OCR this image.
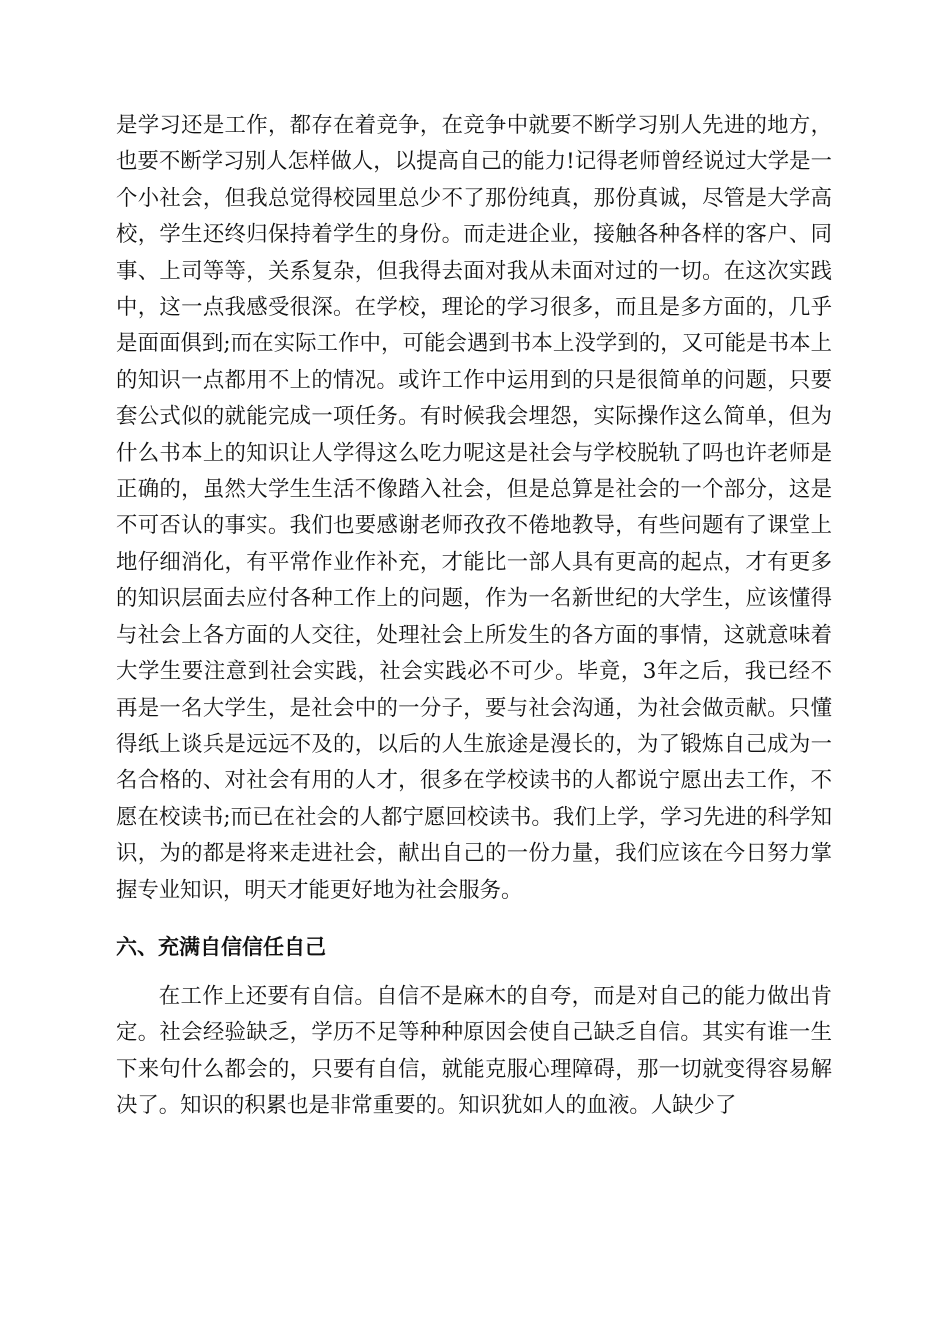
是学习还是工作，都存在着竞争，在竞争中就要不断学习别人先进的地方，也要不断学习别人怎样做人，以提高自己的能力!记得老师曾经说过大学是一个小社会，但我总觉得校园里总少不了那份纯真，那份真诚，尽管是大学高校，学生还终归保持着学生的身份。而走进企业，接触各种各样的客户、同事、上司等等，关系复杂，但我得去面对我从未面对过的一切。在这次实践中，这一点我感受很深。在学校，理论的学习很多，而且是多方面的，几乎是面面俱到;而在实际工作中，可能会遇到书本上没学到的，又可能是书本上的知识一点都用不上的情况。或许工作中运用到的只是很简单的问题，只要套公式似的就能完成一项任务。有时候我会埋怨，实际操作这么简单，但为什么书本上的知识让人学得这么吃力呢这是社会与学校脱轨了吗也许老师是正确的，虽然大学生生活不像踏入社会，但是总算是社会的一个部分，这是不可否认的事实。我们也要感谢老师孜孜不倦地教导，有些问题有了课堂上地仔细消化，有平常作业作补充，才能比一部人具有更高的起点，才有更多的知识层面去应付各种工作上的问题，作为一名新世纪的大学生，应该懂得与社会上各方面的人交往，处理社会上所发生的各方面的事情，这就意味着大学生要注意到社会实践，社会实践必不可少。毕竟，3年之后，我已经不再是一名大学生，是社会中的一分子，要与社会沟通，为社会做贡献。只懂得纸上谈兵是远远不及的，以后的人生旅途是漫长的，为了锻炼自己成为一名合格的、对社会有用的人才，很多在学校读书的人都说宁愿出去工作，不愿在校读书;而已在社会的人都宁愿回校读书。我们上学，学习先进的科学知识，为的都是将来走进社会，献出自己的一份力量，我们应该在今日努力掌握专业知识，明天才能更好地为社会服务。

六、充满自信信任自己

在工作上还要有自信。自信不是麻木的自夸，而是对自己的能力做出肯定。社会经验缺乏，学历不足等种种原因会使自己缺乏自信。其实有谁一生下来句什么都会的，只要有自信，就能克服心理障碍，那一切就变得容易解决了。知识的积累也是非常重要的。知识犹如人的血液。人缺少了
